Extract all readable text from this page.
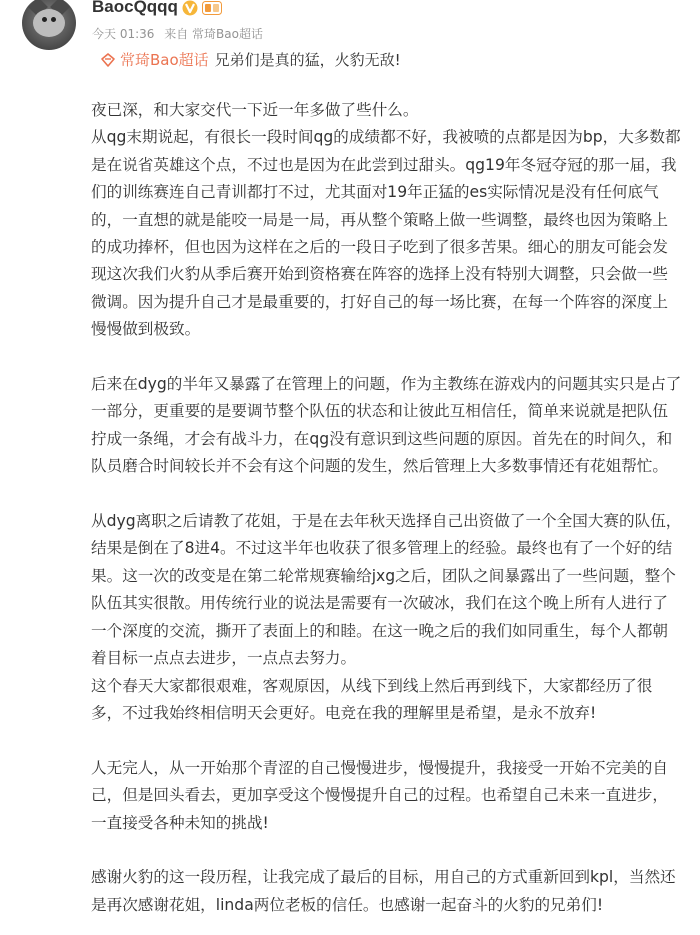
BaocQqqq
今天 01:36 来自 常琦Bao超话
常琦Bao超话 兄弟们是真的猛，火豹无敌!

夜已深，和大家交代一下近一年多做了些什么。

从qg末期说起，有很长一段时间qg的成绩都不好，我被喷的点都是因为bp，大多数都是在说省英雄这个点，不过也是因为在此尝到过甜头。qg19年冬冠夺冠的那一届，我们的训练赛连自己青训都打不过，尤其面对19年正猛的es实际情况是没有任何底气的，一直想的就是能咬一局是一局，再从整个策略上做一些调整，最终也因为策略上的成功捧杯，但也因为这样在之后的一段日子吃到了很多苦果。细心的朋友可能会发现这次我们火豹从季后赛开始到资格赛在阵容的选择上没有特别大调整，只会做一些微调。因为提升自己才是最重要的，打好自己的每一场比赛，在每一个阵容的深度上慢慢做到极致。

后来在dyg的半年又暴露了在管理上的问题，作为主教练在游戏内的问题其实只是占了一部分，更重要的是要调节整个队伍的状态和让彼此互相信任，简单来说就是把队伍拧成一条绳，才会有战斗力，在qg没有意识到这些问题的原因。首先在的时间久，和队员磨合时间较长并不会有这个问题的发生，然后管理上大多数事情还有花姐帮忙。

从dyg离职之后请教了花姐，于是在去年秋天选择自己出资做了一个全国大赛的队伍，结果是倒在了8进4。不过这半年也收获了很多管理上的经验。最终也有了一个好的结果。这一次的改变是在第二轮常规赛输给jxg之后，团队之间暴露出了一些问题，整个队伍其实很散。用传统行业的说法是需要有一次破冰，我们在这个晚上所有人进行了一个深度的交流，撕开了表面上的和睦。在这一晚之后的我们如同重生，每个人都朝着目标一点点去进步，一点点去努力。

这个春天大家都很艰难，客观原因，从线下到线上然后再到线下，大家都经历了很多，不过我始终相信明天会更好。电竞在我的理解里是希望，是永不放弃!

人无完人，从一开始那个青涩的自己慢慢进步，慢慢提升，我接受一开始不完美的自己，但是回头看去，更加享受这个慢慢提升自己的过程。也希望自己未来一直进步，一直接受各种未知的挑战!

感谢火豹的这一段历程，让我完成了最后的目标，用自己的方式重新回到kpl，当然还是再次感谢花姐，linda两位老板的信任。也感谢一起奋斗的火豹的兄弟们!
